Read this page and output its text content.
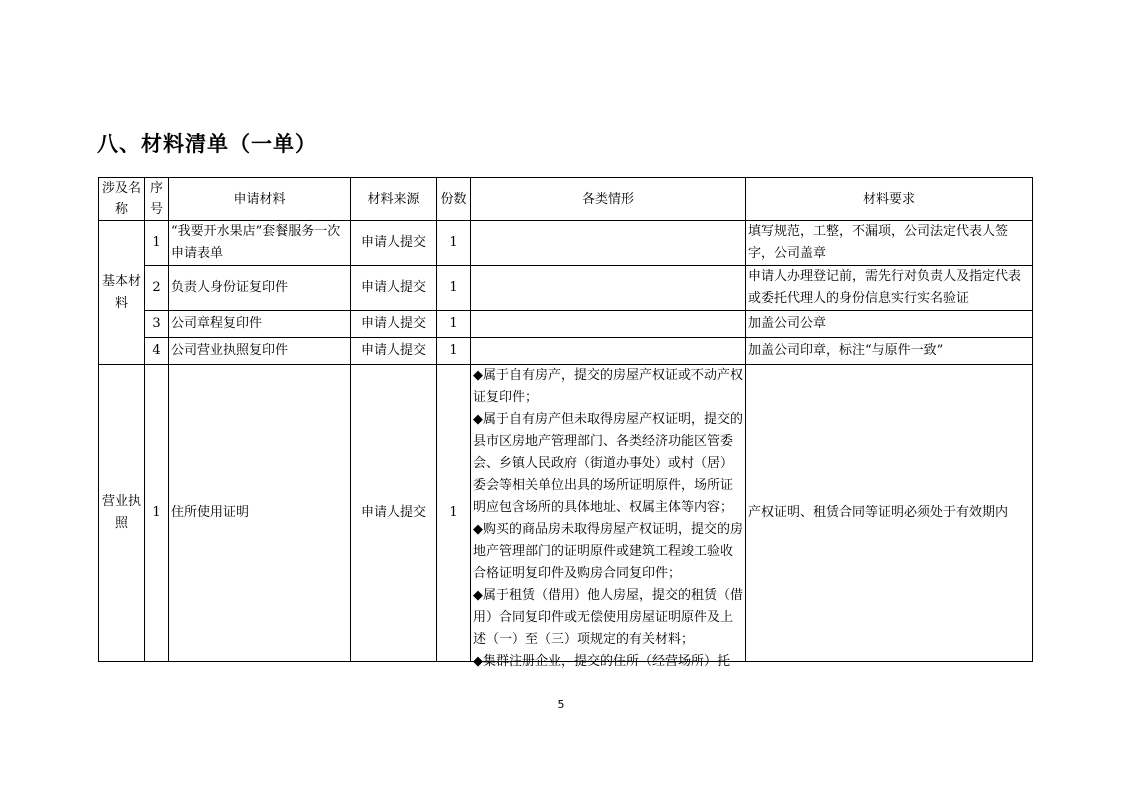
八、材料清单（一单）
涉及名称	序号	申请材料	材料来源	份数	各类情形	材料要求
基本材料	1	“我要开水果店”套餐服务一次申请表单	申请人提交	1		填写规范，工整，不漏项，公司法定代表人签字，公司盖章
	2	负责人身份证复印件	申请人提交	1		申请人办理登记前，需先行对负责人及指定代表或委托代理人的身份信息实行实名验证
	3	公司章程复印件	申请人提交	1		加盖公司公章
	4	公司营业执照复印件	申请人提交	1		加盖公司印章，标注“与原件一致”
营业执照	1	住所使用证明	申请人提交	1	◆属于自有房产，提交的房屋产权证或不动产权证复印件；
◆属于自有房产但未取得房屋产权证明，提交的县市区房地产管理部门、各类经济功能区管委会、乡镇人民政府（街道办事处）或村（居）委会等相关单位出具的场所证明原件，场所证明应包含场所的具体地址、权属主体等内容；
◆购买的商品房未取得房屋产权证明，提交的房地产管理部门的证明原件或建筑工程竣工验收合格证明复印件及购房合同复印件；
◆属于租赁（借用）他人房屋，提交的租赁（借用）合同复印件或无偿使用房屋证明原件及上述（一）至（三）项规定的有关材料；
◆集群注册企业，提交的住所（经营场所）托	产权证明、租赁合同等证明必须处于有效期内
5
